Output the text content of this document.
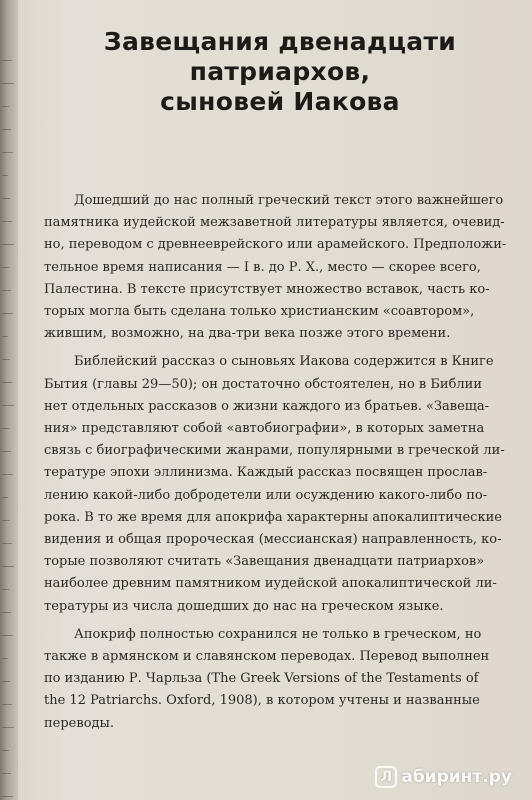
Завещания двенадцати
патриархов,
сыновей Иакова
Дошедший до нас полный греческий текст этого важнейшего
памятника иудейской межзаветной литературы является, очевид-
но, переводом с древнееврейского или арамейского. Предположи-
тельное время написания — I в. до Р. Х., место — скорее всего,
Палестина. В тексте присутствует множество вставок, часть ко-
торых могла быть сделана только христианским «соавтором»,
жившим, возможно, на два-три века позже этого времени.
Библейский рассказ о сыновьях Иакова содержится в Книге
Бытия (главы 29—50); он достаточно обстоятелен, но в Библии
нет отдельных рассказов о жизни каждого из братьев. «Завеща-
ния» представляют собой «автобиографии», в которых заметна
связь с биографическими жанрами, популярными в греческой ли-
тературе эпохи эллинизма. Каждый рассказ посвящен прослав-
лению какой-либо добродетели или осуждению какого-либо по-
рока. В то же время для апокрифа характерны апокалиптические
видения и общая пророческая (мессианская) направленность, ко-
торые позволяют считать «Завещания двенадцати патриархов»
наиболее древним памятником иудейской апокалиптической ли-
тературы из числа дошедших до нас на греческом языке.
Апокриф полностью сохранился не только в греческом, но
также в армянском и славянском переводах. Перевод выполнен
по изданию Р. Чарльза (The Greek Versions of the Testaments of
the 12 Patriarchs. Oxford, 1908), в котором учтены и названные
переводы.
Л абиринт.ру
